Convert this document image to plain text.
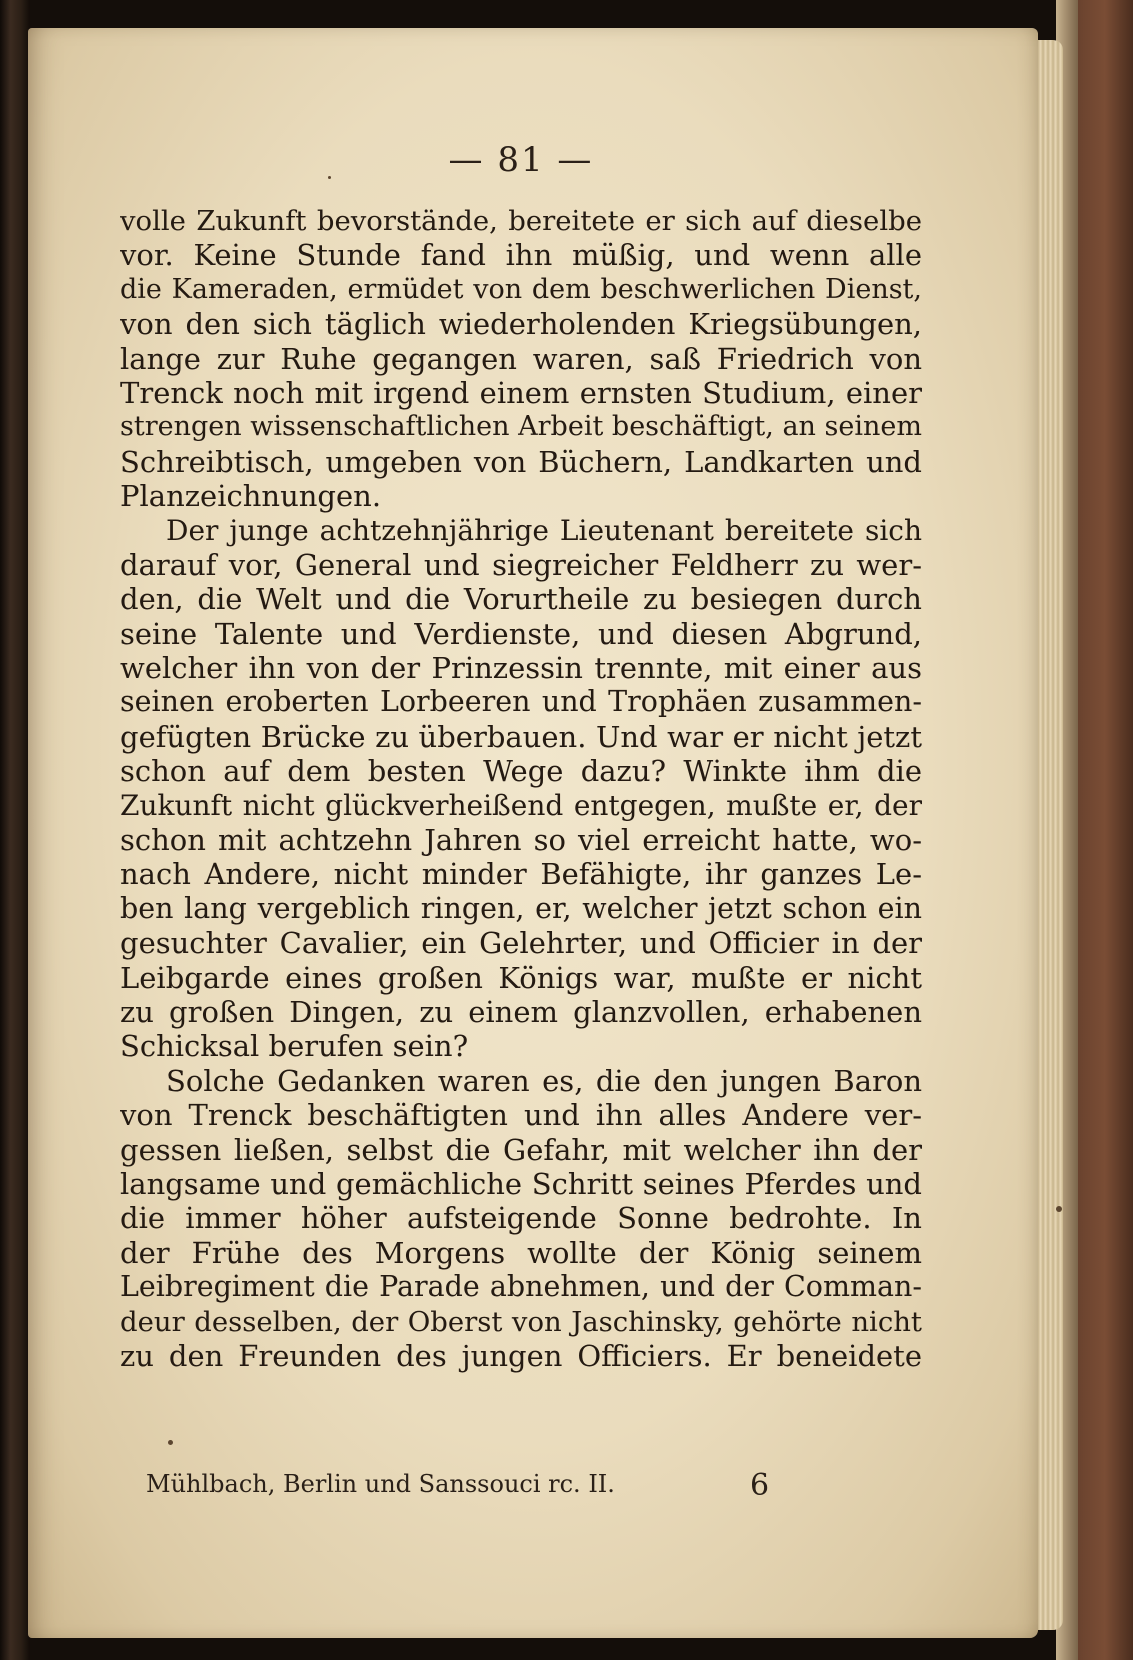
— 81 —
volle Zukunft bevorstände, bereitete er sich auf dieselbe
vor. Keine Stunde fand ihn müßig, und wenn alle
die Kameraden, ermüdet von dem beschwerlichen Dienst,
von den sich täglich wiederholenden Kriegsübungen,
lange zur Ruhe gegangen waren, saß Friedrich von
Trenck noch mit irgend einem ernsten Studium, einer
strengen wissenschaftlichen Arbeit beschäftigt, an seinem
Schreibtisch, umgeben von Büchern, Landkarten und
Planzeichnungen.
Der junge achtzehnjährige Lieutenant bereitete sich
darauf vor, General und siegreicher Feldherr zu wer-
den, die Welt und die Vorurtheile zu besiegen durch
seine Talente und Verdienste, und diesen Abgrund,
welcher ihn von der Prinzessin trennte, mit einer aus
seinen eroberten Lorbeeren und Trophäen zusammen-
gefügten Brücke zu überbauen. Und war er nicht jetzt
schon auf dem besten Wege dazu? Winkte ihm die
Zukunft nicht glückverheißend entgegen, mußte er, der
schon mit achtzehn Jahren so viel erreicht hatte, wo-
nach Andere, nicht minder Befähigte, ihr ganzes Le-
ben lang vergeblich ringen, er, welcher jetzt schon ein
gesuchter Cavalier, ein Gelehrter, und Officier in der
Leibgarde eines großen Königs war, mußte er nicht
zu großen Dingen, zu einem glanzvollen, erhabenen
Schicksal berufen sein?
Solche Gedanken waren es, die den jungen Baron
von Trenck beschäftigten und ihn alles Andere ver-
gessen ließen, selbst die Gefahr, mit welcher ihn der
langsame und gemächliche Schritt seines Pferdes und
die immer höher aufsteigende Sonne bedrohte. In
der Frühe des Morgens wollte der König seinem
Leibregiment die Parade abnehmen, und der Comman-
deur desselben, der Oberst von Jaschinsky, gehörte nicht
zu den Freunden des jungen Officiers. Er beneidete
Mühlbach, Berlin und Sanssouci rc. II.	6
